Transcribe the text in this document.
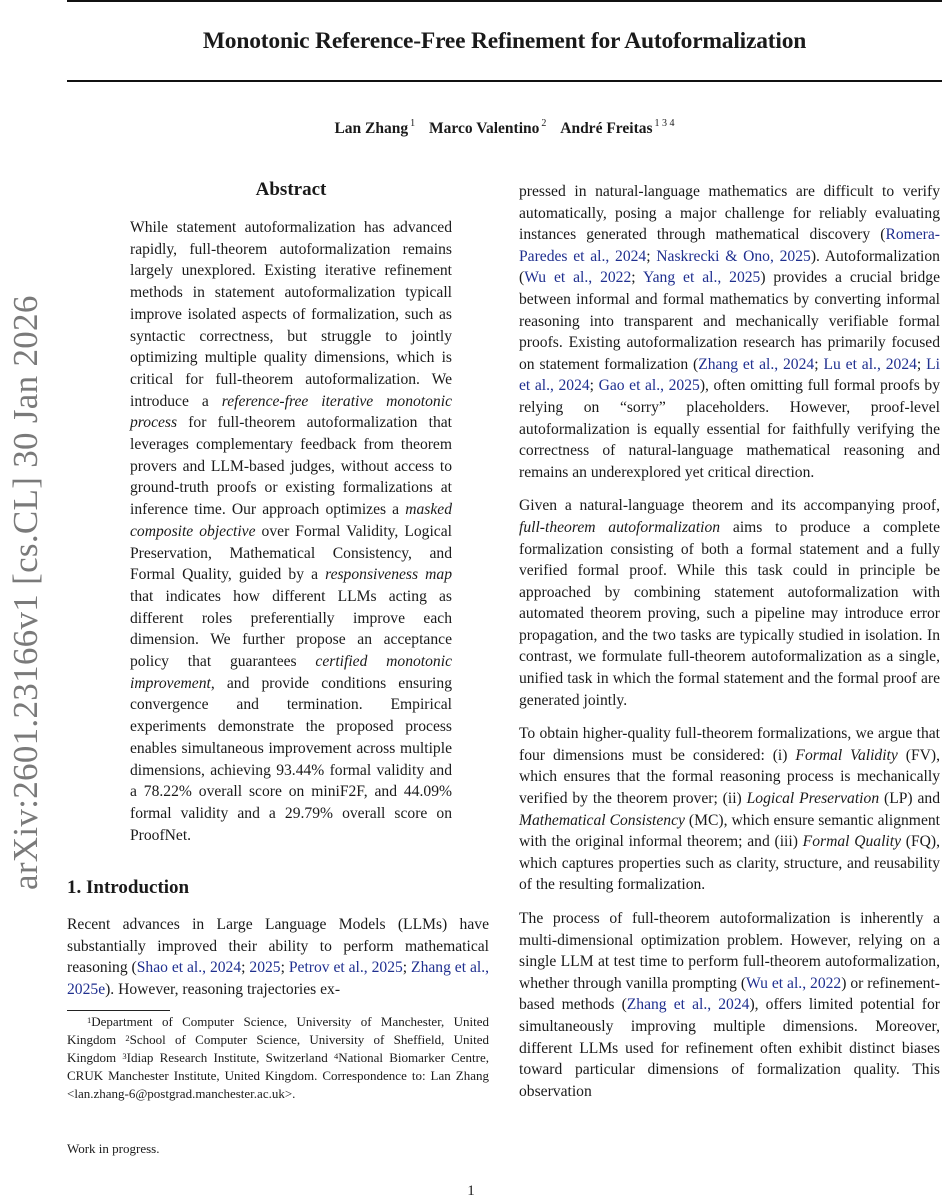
Monotonic Reference-Free Refinement for Autoformalization
Lan Zhang $^1$ Marco Valentino $^2$ André Freitas $^{1 3 4}$
arXiv:2601.23166v1 [cs.CL] 30 Jan 2026
Abstract
While statement autoformalization has advanced rapidly, full-theorem autoformalization remains largely unexplored. Existing iterative refinement methods in statement autoformalization typicall improve isolated aspects of formalization, such as syntactic correctness, but struggle to jointly optimizing multiple quality dimensions, which is critical for full-theorem autoformalization. We introduce a reference-free iterative monotonic process for full-theorem autoformalization that leverages complementary feedback from theorem provers and LLM-based judges, without access to ground-truth proofs or existing formalizations at inference time. Our approach optimizes a masked composite objective over Formal Validity, Logical Preservation, Mathematical Consistency, and Formal Quality, guided by a responsiveness map that indicates how different LLMs acting as different roles preferentially improve each dimension. We further propose an acceptance policy that guarantees certified monotonic improvement, and provide conditions ensuring convergence and termination. Empirical experiments demonstrate the proposed process enables simultaneous improvement across multiple dimensions, achieving 93.44% formal validity and a 78.22% overall score on miniF2F, and 44.09% formal validity and a 29.79% overall score on ProofNet.
1. Introduction
Recent advances in Large Language Models (LLMs) have substantially improved their ability to perform mathematical reasoning (Shao et al., 2024; 2025; Petrov et al., 2025; Zhang et al., 2025e). However, reasoning trajectories ex-
$^1$Department of Computer Science, University of Manchester, United Kingdom $^2$School of Computer Science, University of Sheffield, United Kingdom $^3$Idiap Research Institute, Switzerland $^4$National Biomarker Centre, CRUK Manchester Institute, United Kingdom. Correspondence to: Lan Zhang <lan.zhang-6@postgrad.manchester.ac.uk>.
Work in progress.

pressed in natural-language mathematics are difficult to verify automatically, posing a major challenge for reliably evaluating instances generated through mathematical discovery (Romera-Paredes et al., 2024; Naskrecki & Ono, 2025). Autoformalization (Wu et al., 2022; Yang et al., 2025) provides a crucial bridge between informal and formal mathematics by converting informal reasoning into transparent and mechanically verifiable formal proofs. Existing autoformalization research has primarily focused on statement formalization (Zhang et al., 2024; Lu et al., 2024; Li et al., 2024; Gao et al., 2025), often omitting full formal proofs by relying on “sorry” placeholders. However, proof-level autoformalization is equally essential for faithfully verifying the correctness of natural-language mathematical reasoning and remains an underexplored yet critical direction.

Given a natural-language theorem and its accompanying proof, full-theorem autoformalization aims to produce a complete formalization consisting of both a formal statement and a fully verified formal proof. While this task could in principle be approached by combining statement autoformalization with automated theorem proving, such a pipeline may introduce error propagation, and the two tasks are typically studied in isolation. In contrast, we formulate full-theorem autoformalization as a single, unified task in which the formal statement and the formal proof are generated jointly.

To obtain higher-quality full-theorem formalizations, we argue that four dimensions must be considered: (i) Formal Validity (FV), which ensures that the formal reasoning process is mechanically verified by the theorem prover; (ii) Logical Preservation (LP) and Mathematical Consistency (MC), which ensure semantic alignment with the original informal theorem; and (iii) Formal Quality (FQ), which captures properties such as clarity, structure, and reusability of the resulting formalization.

The process of full-theorem autoformalization is inherently a multi-dimensional optimization problem. However, relying on a single LLM at test time to perform full-theorem autoformalization, whether through vanilla prompting (Wu et al., 2022) or refinement-based methods (Zhang et al., 2024), offers limited potential for simultaneously improving multiple dimensions. Moreover, different LLMs used for refinement often exhibit distinct biases toward particular dimensions of formalization quality. This observation

1
